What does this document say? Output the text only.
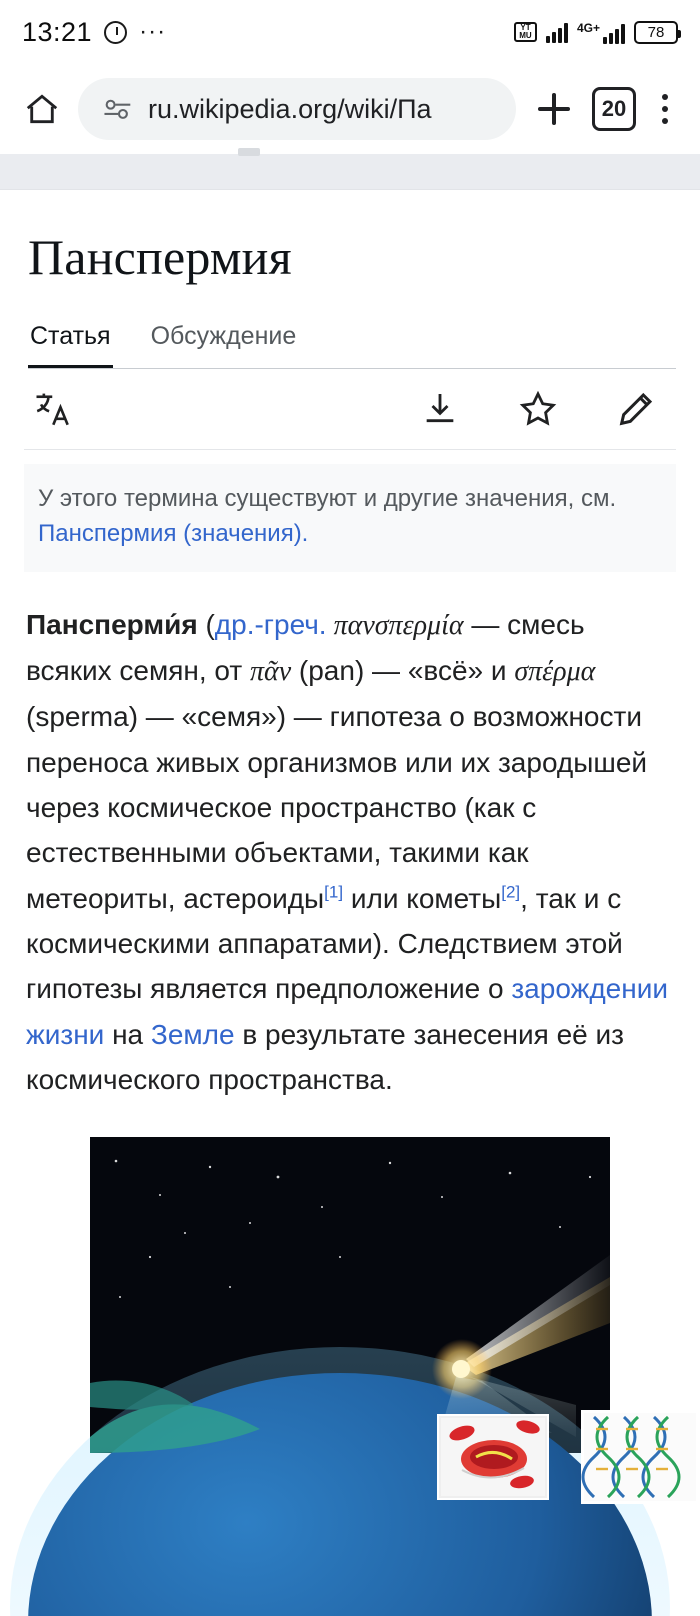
13:21 ···	YT
MU
4G+	78
ru.wikipedia.org/wiki/Па	20
Панспермия
Статья Обсуждение
У этого термина существуют и другие значения, см. Панспермия (значения).

Пансперми́я (др.-греч. πανσπερμία — смесь всяких семян, от πᾶν (pan) — «всё» и σπέρμα (sperma) — «семя») — гипотеза о возможности переноса живых организмов или их зародышей через космическое пространство (как с естественными объектами, такими как метеориты, астероиды[1] или кометы[2], так и с космическими аппаратами). Следствием этой гипотезы является предположение о зарождении жизни на Земле в результате занесения её из космического пространства.
